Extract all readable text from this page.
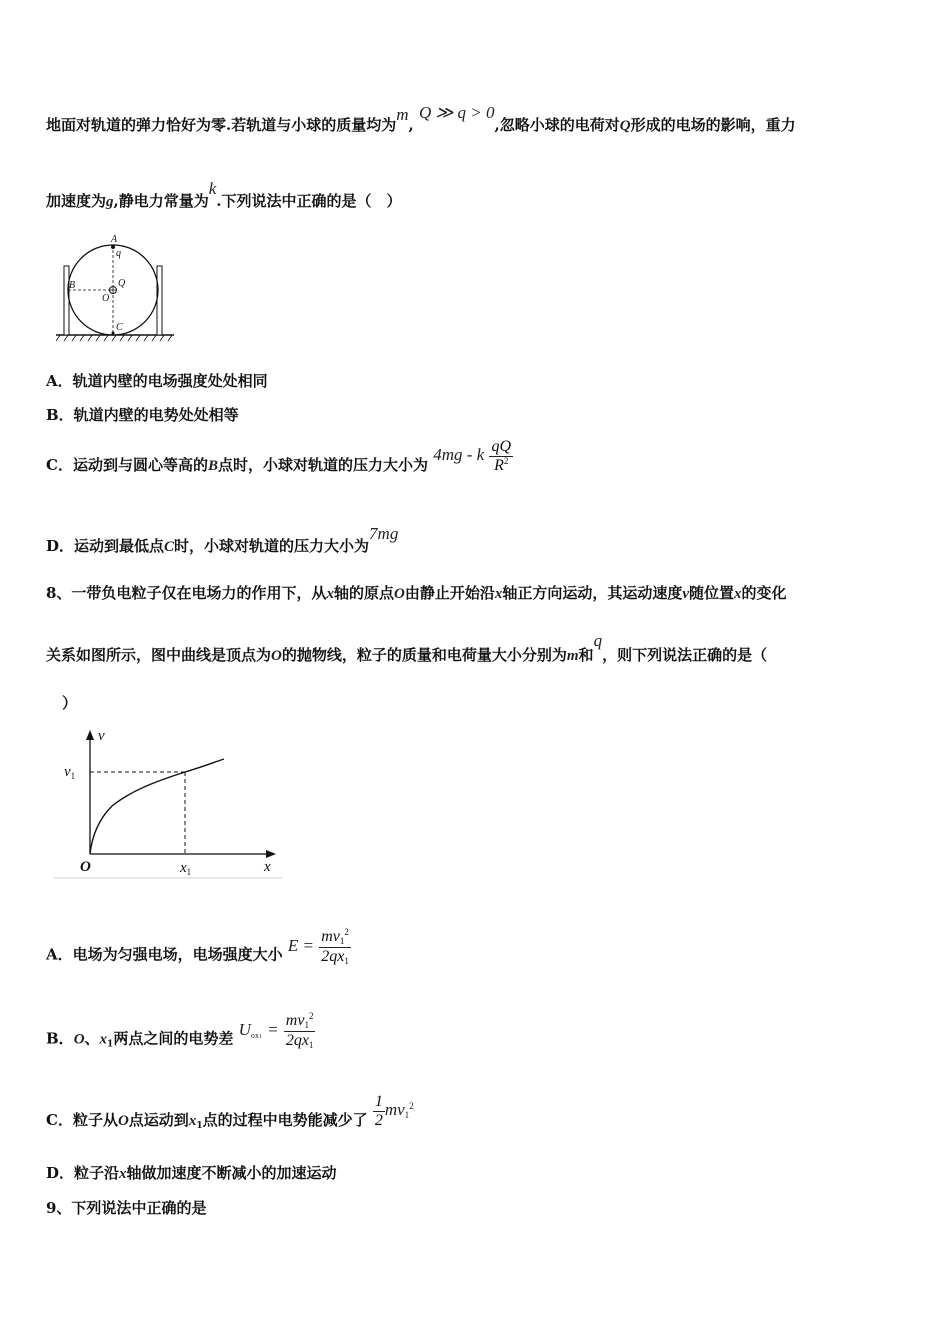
地面对轨道的弹力恰好为零.若轨道与小球的质量均为m, Q ≫ q > 0,忽略小球的电荷对Q形成的电场的影响，重力
加速度为g,静电力常量为k.下列说法中正确的是（　）
A
q
B	Q
O
C
A．轨道内壁的电场强度处处相同
B．轨道内壁的电势处处相等
C．运动到与圆心等高的B点时，小球对轨道的压力大小为 4mg - k $\frac{qQ}{R^2}$
D．运动到最低点C时，小球对轨道的压力大小为7mg
8、一带负电粒子仅在电场力的作用下，从x轴的原点O由静止开始沿x轴正方向运动，其运动速度v随位置x的变化
关系如图所示，图中曲线是顶点为O的抛物线，粒子的质量和电荷量大小分别为m和q，则下列说法正确的是（
）
v
$v_1$
O	$x_1$	x
A．电场为匀强电场，电场强度大小 $E = \frac{mv_1^2}{2qx_1}$
B．O、$x_1$两点之间的电势差 $U_{ox1} = \frac{mv_1^2}{2qx_1}$
C．粒子从O点运动到$x_1$点的过程中电势能减少了 $\frac{1}{2} mv_1^2$
D．粒子沿x轴做加速度不断减小的加速运动
9、下列说法中正确的是
